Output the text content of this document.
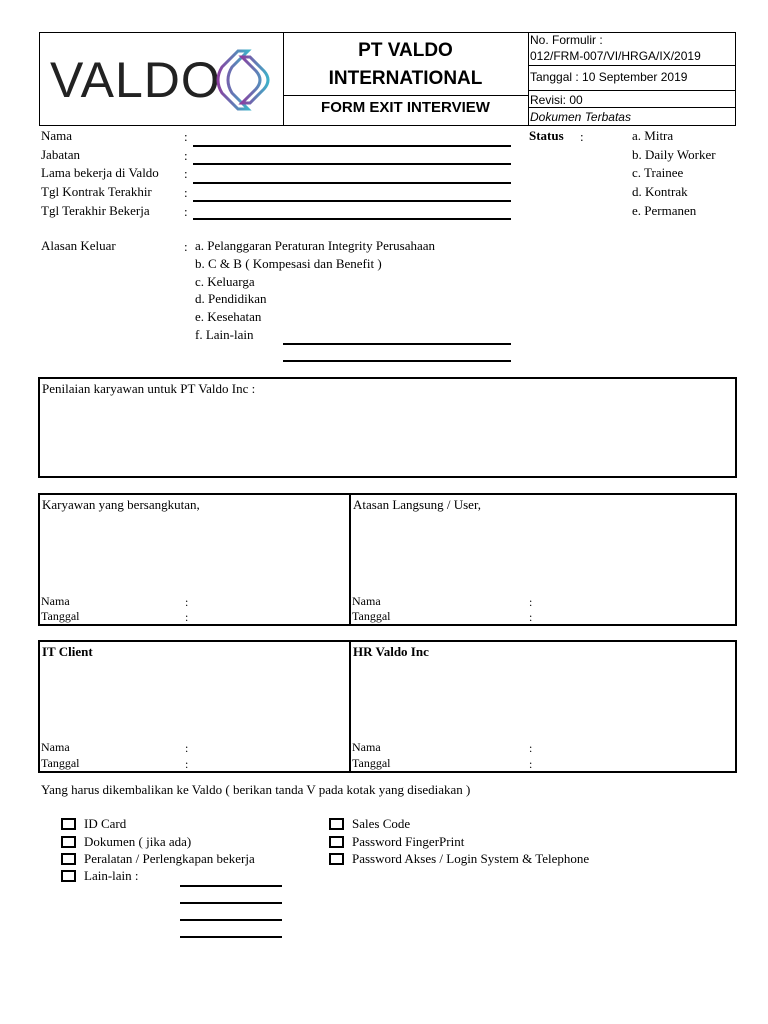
VALDO
PT VALDO
INTERNATIONAL
FORM EXIT INTERVIEW
No. Formulir :
012/FRM-007/VI/HRGA/IX/2019
Tanggal : 10 September 2019
Revisi: 00
Dokumen Terbatas
Nama	:
Jabatan	:
Lama bekerja di Valdo :
Tgl Kontrak Terakhir :
Tgl Terakhir Bekerja	:
Status :	a. Mitra
b. Daily Worker
c. Trainee
d. Kontrak
e. Permanen
Alasan Keluar	: a. Pelanggaran Peraturan Integrity Perusahaan
b. C & B ( Kompesasi dan Benefit )
c. Keluarga
d. Pendidikan
e. Kesehatan
f. Lain-lain
Penilaian karyawan untuk PT Valdo Inc :
Karyawan yang bersangkutan,
Nama	:
Tanggal	:
Atasan Langsung / User,
Nama	:
Tanggal	:
IT Client
Nama	:
Tanggal	:
HR Valdo Inc
Nama	:
Tanggal	:
Yang harus dikembalikan ke Valdo ( berikan tanda V pada kotak yang disediakan )
ID Card
Dokumen ( jika ada)
Peralatan / Perlengkapan bekerja
Lain-lain :
Sales Code
Password FingerPrint
Password Akses / Login System & Telephone
